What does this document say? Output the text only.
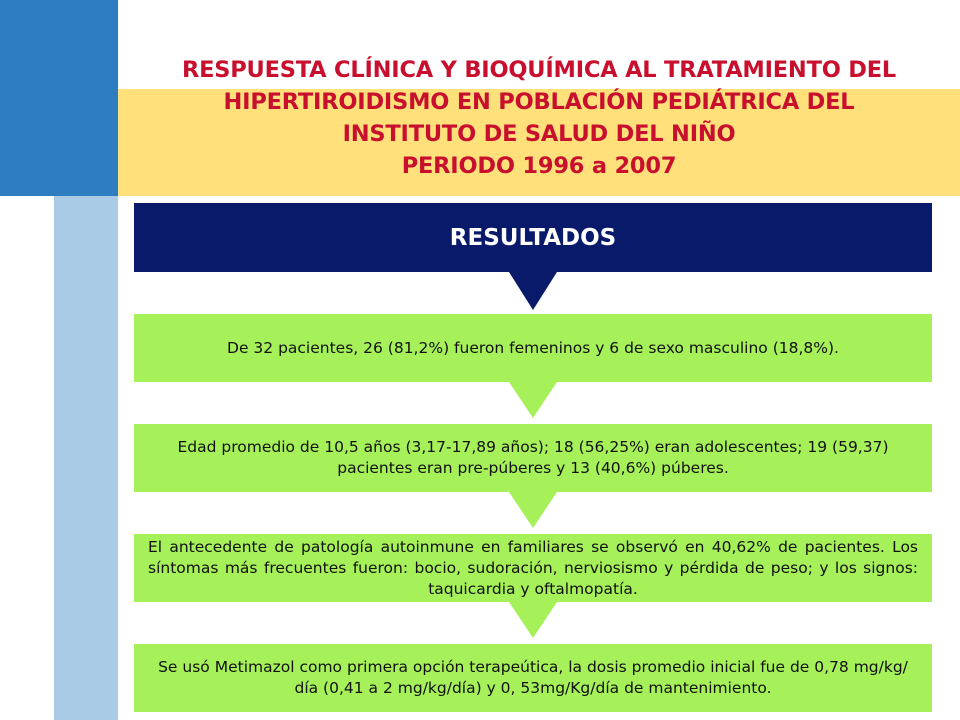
RESPUESTA CLÍNICA Y BIOQUÍMICA AL TRATAMIENTO DEL
HIPERTIROIDISMO EN POBLACIÓN PEDIÁTRICA DEL
INSTITUTO DE SALUD DEL NIÑO
PERIODO 1996 a 2007
RESULTADOS

De 32 pacientes, 26 (81,2%) fueron femeninos y 6 de sexo masculino (18,8%).

Edad promedio de 10,5 años (3,17-17,89 años); 18 (56,25%) eran adolescentes; 19 (59,37) pacientes eran pre-púberes y 13 (40,6%) púberes.

El antecedente de patología autoinmune en familiares se observó en 40,62% de pacientes. Los síntomas más frecuentes fueron: bocio, sudoración, nerviosismo y pérdida de peso; y los signos: taquicardia y oftalmopatía.

Se usó Metimazol como primera opción terapeútica, la dosis promedio inicial fue de 0,78 mg/kg/ día (0,41 a 2 mg/kg/día) y 0, 53mg/Kg/día de mantenimiento.
